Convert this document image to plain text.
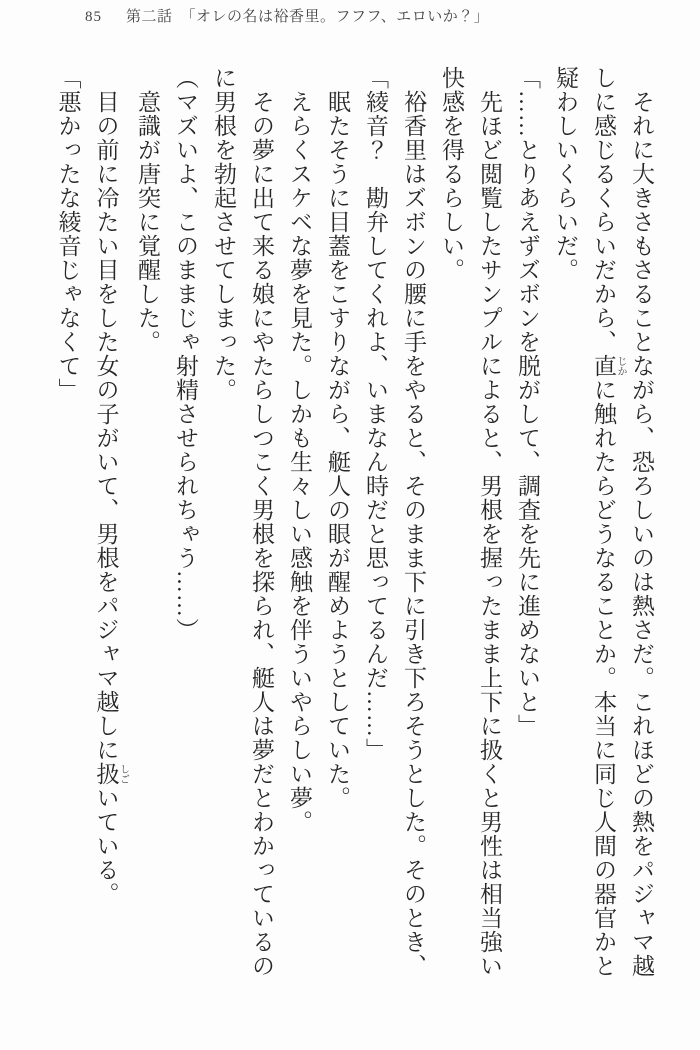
85 第二話　「オレの名は裕香里。フフフ、エロいか？」

それに大きさもさることながら、恐ろしいのは熱さだ。これほどの熱をパジャマ越しに感じるくらいだから、直 じかに触れたらどうなることか。本当に同じ人間の器官かと疑わしいくらいだ。

「……とりあえずズボンを脱がして、調査を先に進めないと」

先ほど閲覧したサンプルによると、男根を握ったまま上下に扱くと男性は相当強い快感を得るらしい。

裕香里はズボンの腰に手をやると、そのまま下に引き下ろそうとした。そのとき、

「綾音？　勘弁してくれよ、いまなん時だと思ってるんだ……」

眠たそうに目蓋をこすりながら、艇人の眼が醒めようとしていた。

えらくスケベな夢を見た。しかも生々しい感触を伴ういやらしい夢。

その夢に出て来る娘にやたらしつこく男根を探られ、艇人は夢だとわかっているのに男根を勃起させてしまった。

（マズいよ、このままじゃ射精させられちゃう……）

意識が唐突に覚醒した。

目の前に冷たい目をした女の子がいて、男根をパジャマ越しに扱 しごいている。

「悪かったな綾音じゃなくて」
